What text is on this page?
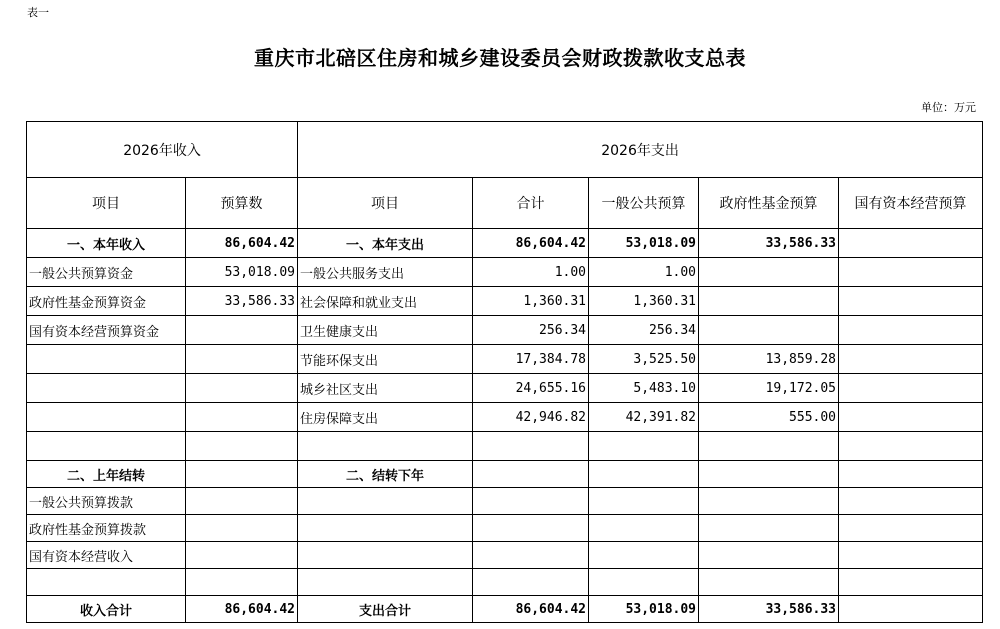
表一
重庆市北碚区住房和城乡建设委员会财政拨款收支总表
单位：万元
2026年收入		2026年支出				
项目	预算数	项目	合计	一般公共预算	政府性基金预算	国有资本经营预算
一、本年收入	86,604.42	一、本年支出	86,604.42	53,018.09	33,586.33	
一般公共预算资金	53,018.09	一般公共服务支出	1.00	1.00		
政府性基金预算资金	33,586.33	社会保障和就业支出	1,360.31	1,360.31		
国有资本经营预算资金		卫生健康支出	256.34	256.34		
		节能环保支出	17,384.78	3,525.50	13,859.28	
		城乡社区支出	24,655.16	5,483.10	19,172.05	
		住房保障支出	42,946.82	42,391.82	555.00	

二、上年结转		二、结转下年				
一般公共预算拨款						
政府性基金预算拨款						
国有资本经营收入						

收入合计	86,604.42	支出合计	86,604.42	53,018.09	33,586.33	
